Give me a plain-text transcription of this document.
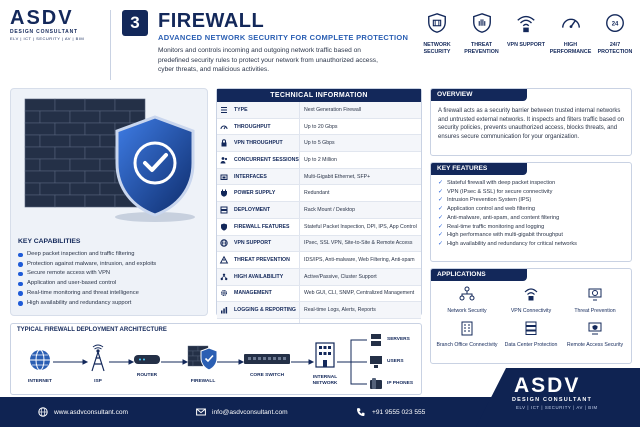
ASDV
DESIGN CONSULTANT
ELV | ICT | SECURITY | AV | BIM
3 FIREWALL
ADVANCED NETWORK SECURITY FOR COMPLETE PROTECTION
Monitors and controls incoming and outgoing network traffic based on predefined security rules to protect your network from unauthorized access, cyber threats, and malicious activities.
NETWORK SECURITY
THREAT PREVENTION
VPN SUPPORT	HIGH PERFORMANCE
24
24/7 PROTECTION
KEY CAPABILITIES
Deep packet inspection and traffic filtering
Protection against malware, intrusion, and exploits
Secure remote access with VPN
Application and user-based control
Real-time monitoring and threat intelligence
High availability and redundancy support
TECHNICAL INFORMATION
TYPE	Next Generation Firewall
THROUGHPUT	Up to 20 Gbps
VPN THROUGHPUT	Up to 5 Gbps
CONCURRENT SESSIONS Up to 2 Million
INTERFACES	Multi-Gigabit Ethernet, SFP+
POWER SUPPLY	Redundant
DEPLOYMENT	Rack Mount / Desktop
FIREWALL FEATURES	Stateful Packet Inspection, DPI, IPS, App Control
VPN SUPPORT	IPsec, SSL VPN, Site-to-Site & Remote Access
THREAT PREVENTION	IDS/IPS, Anti-malware, Web Filtering, Anti-spam
HIGH AVAILABILITY	Active/Passive, Cluster Support
MANAGEMENT	Web GUI, CLI, SNMP, Centralized Management
LOGGING & REPORTING	Real-time Logs, Alerts, Reports
OVERVIEW
A firewall acts as a security barrier between trusted internal networks and untrusted external networks. It inspects and filters traffic based on security policies, prevents unauthorized access, blocks threats, and ensures secure communication for your organization.
KEY FEATURES
✓ Stateful firewall with deep packet inspection
✓ VPN (IPsec & SSL) for secure connectivity
✓ Intrusion Prevention System (IPS)
✓ Application control and web filtering
✓ Anti-malware, anti-spam, and content filtering
✓ Real-time traffic monitoring and logging
✓ High performance with multi-gigabit throughput
✓ High availability and redundancy for critical networks
APPLICATIONS
Network Security	VPN Connectivity	Threat Prevention
Branch Office Connectivity	Data Center Protection	Remote Access Security
TYPICAL FIREWALL DEPLOYMENT ARCHITECTURE
INTERNET	ISP
ROUTER
FIREWALL
CORE SWITCH	INTERNAL NETWORK
SERVERS
USERS
IP PHONES
www.asdvconsultant.com	info@asdvconsultant.com	+91 9555 023 555
ASDV
DESIGN CONSULTANT
ELV | ICT | SECURITY | AV | BIM
